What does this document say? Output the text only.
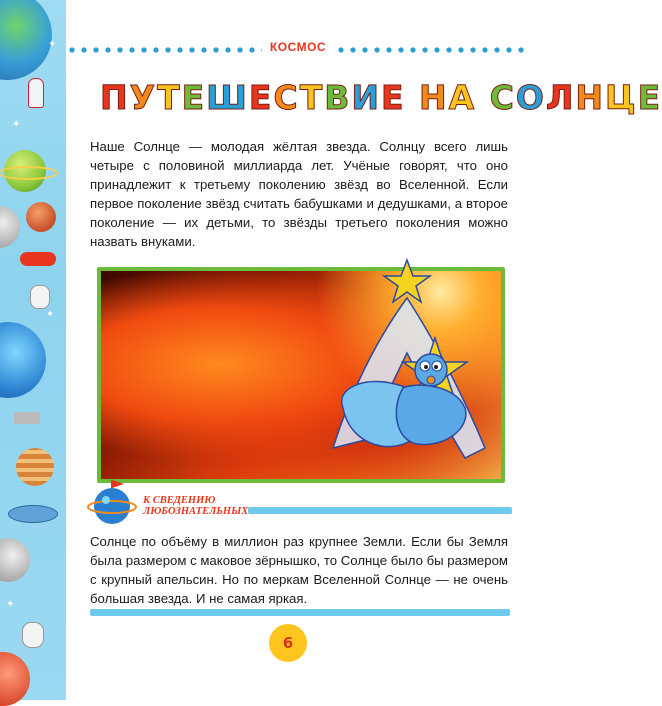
✦
✦
✦
✦
КОСМОС
ПУТЕШЕСТВИЕ НА СОЛНЦЕ
Наше Солнце — молодая жёлтая звезда. Солнцу всего лишь четыре с половиной миллиарда лет. Учёные говорят, что оно принадлежит к третьему поколению звёзд во Вселенной. Если первое поколение звёзд считать бабушками и дедушками, а второе поколение — их детьми, то звёзды третьего поколения можно назвать внуками.
К СВЕДЕНИЮ ЛЮБОЗНАТЕЛЬНЫХ
Солнце по объёму в миллион раз крупнее Земли. Если бы Земля была размером с маковое зёрнышко, то Солнце было бы размером с крупный апельсин. Но по меркам Вселенной Солнце — не очень большая звезда. И не самая яркая.
6
